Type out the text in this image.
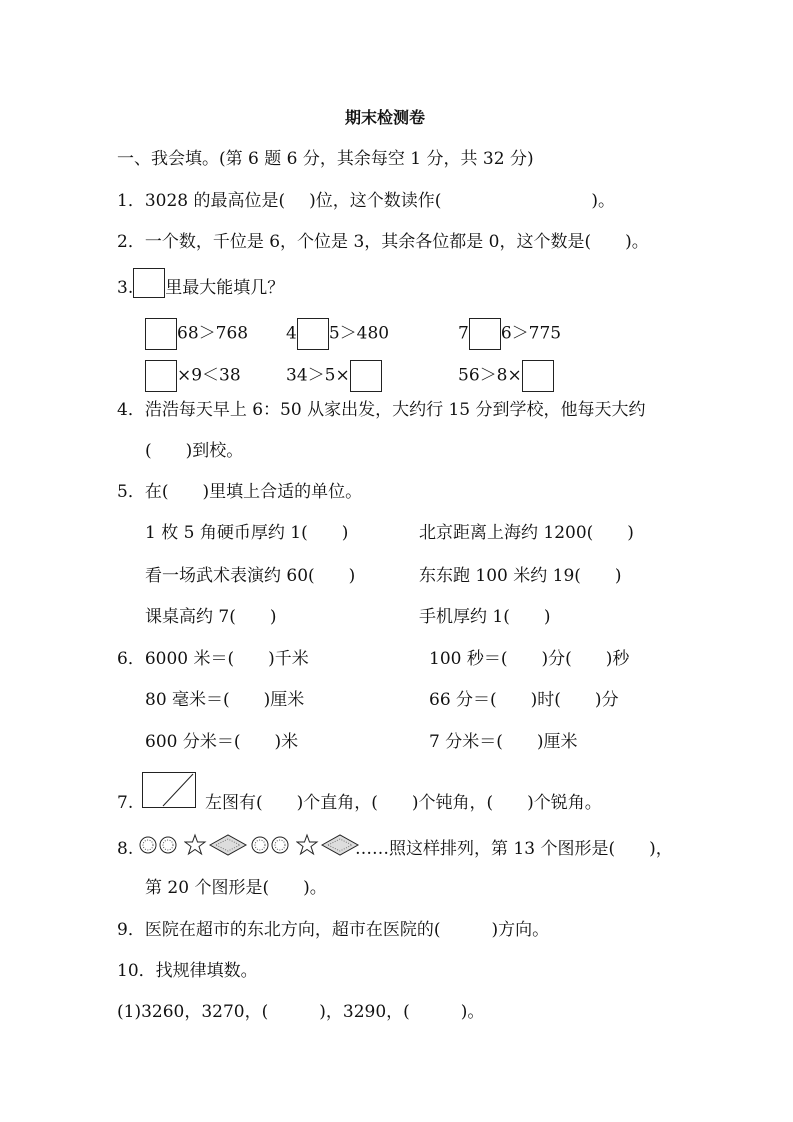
期末检测卷
一、我会填。(第 6 题 6 分，其余每空 1 分，共 32 分)
1．3028 的最高位是( )位，这个数读作(	)。
2．一个数，千位是 6，个位是 3，其余各位都是 0，这个数是(　　)。
3. 里最大能填几？
68＞768 4 5＞480	7 6＞775
×9＜38	34＞5×	56＞8×
4．浩浩每天早上 6：50 从家出发，大约行 15 分到学校，他每天大约
(　　)到校。
5．在(　　)里填上合适的单位。
1 枚 5 角硬币厚约 1(　　)	北京距离上海约 1200(　　)
看一场武术表演约 60(　　)	东东跑 100 米约 19(　　)
课桌高约 7(　　)	手机厚约 1(　　)
6．6000 米＝(　　)千米	100 秒＝(　　)分(　　)秒
80 毫米＝(　　)厘米	66 分＝(　　)时(　　)分
600 分米＝(　　)米	7 分米＝(　　)厘米
7.	左图有(　　)个直角，(　　)个钝角，(　　)个锐角。
8.	……照这样排列，第 13 个图形是(　　)，
第 20 个图形是(　　)。
9．医院在超市的东北方向，超市在医院的(　　　)方向。
10．找规律填数。
(1)3260，3270，(　　　)，3290，(　　　)。
